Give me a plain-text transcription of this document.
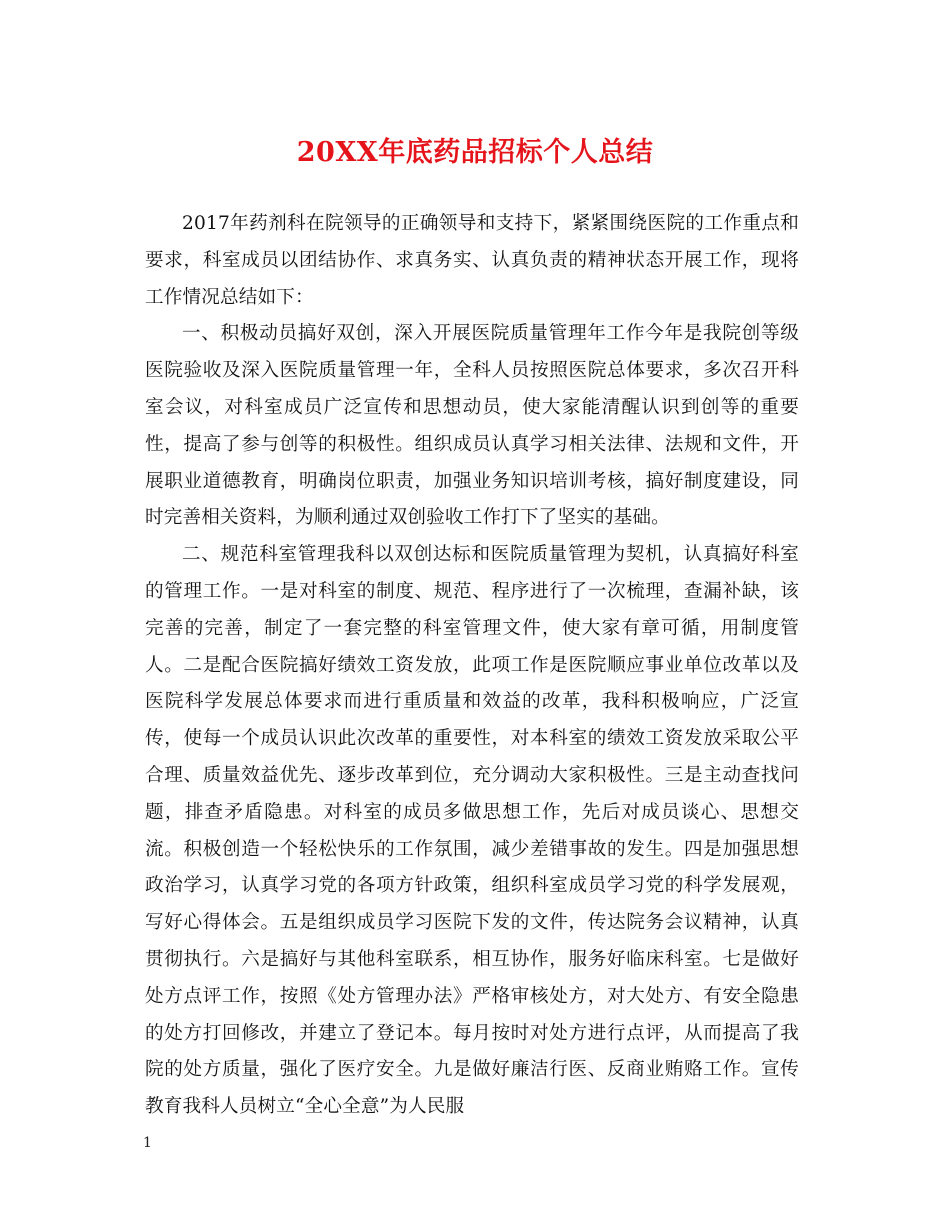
20XX年底药品招标个人总结

2017年药剂科在院领导的正确领导和支持下，紧紧围绕医院的工作重点和要求，科室成员以团结协作、求真务实、认真负责的精神状态开展工作，现将工作情况总结如下：

一、积极动员搞好双创，深入开展医院质量管理年工作今年是我院创等级医院验收及深入医院质量管理一年，全科人员按照医院总体要求，多次召开科室会议，对科室成员广泛宣传和思想动员，使大家能清醒认识到创等的重要性，提高了参与创等的积极性。组织成员认真学习相关法律、法规和文件，开展职业道德教育，明确岗位职责，加强业务知识培训考核，搞好制度建设，同时完善相关资料，为顺利通过双创验收工作打下了坚实的基础。

二、规范科室管理我科以双创达标和医院质量管理为契机，认真搞好科室的管理工作。一是对科室的制度、规范、程序进行了一次梳理，查漏补缺，该完善的完善，制定了一套完整的科室管理文件，使大家有章可循，用制度管人。二是配合医院搞好绩效工资发放，此项工作是医院顺应事业单位改革以及医院科学发展总体要求而进行重质量和效益的改革，我科积极响应，广泛宣传，使每一个成员认识此次改革的重要性，对本科室的绩效工资发放采取公平合理、质量效益优先、逐步改革到位，充分调动大家积极性。三是主动查找问题，排查矛盾隐患。对科室的成员多做思想工作，先后对成员谈心、思想交流。积极创造一个轻松快乐的工作氛围，减少差错事故的发生。四是加强思想政治学习，认真学习党的各项方针政策，组织科室成员学习党的科学发展观，写好心得体会。五是组织成员学习医院下发的文件，传达院务会议精神，认真贯彻执行。六是搞好与其他科室联系，相互协作，服务好临床科室。七是做好处方点评工作，按照《处方管理办法》严格审核处方，对大处方、有安全隐患的处方打回修改，并建立了登记本。每月按时对处方进行点评，从而提高了我院的处方质量，强化了医疗安全。九是做好廉洁行医、反商业贿赂工作。宣传教育我科人员树立“全心全意”为人民服

1
